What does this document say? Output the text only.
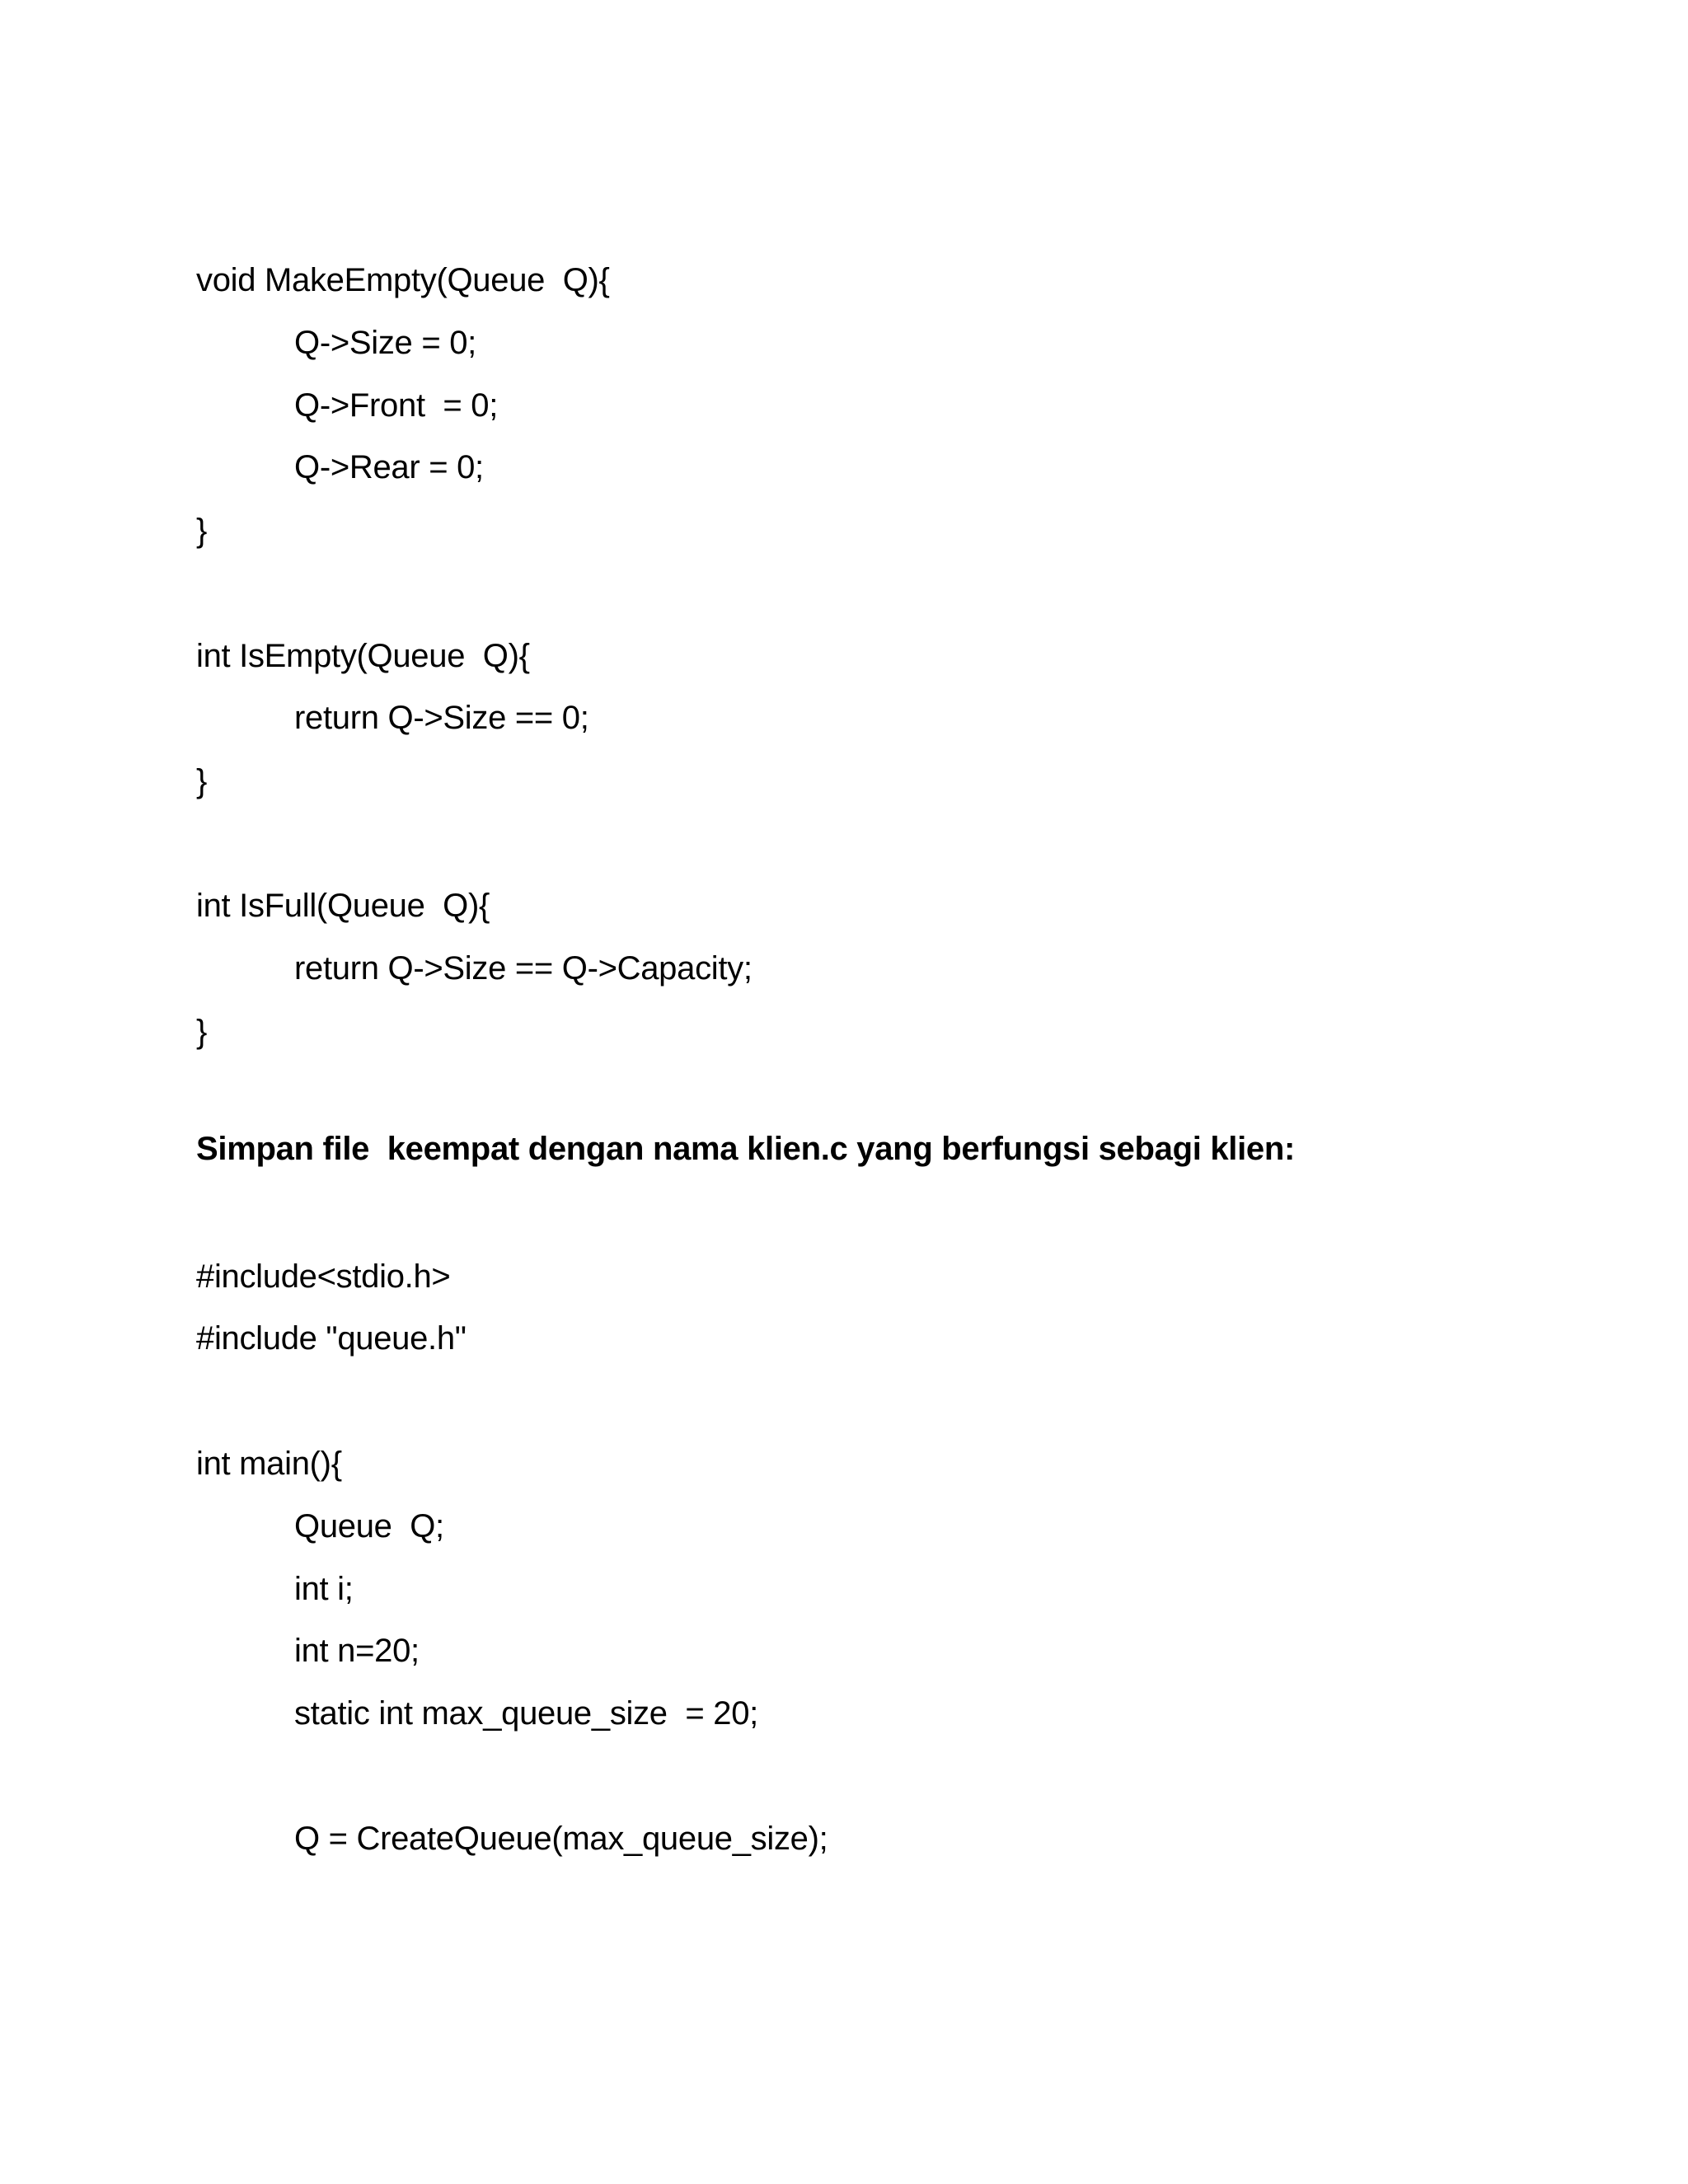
void MakeEmpty(Queue  Q){
Q->Size = 0;
Q->Front  = 0;
Q->Rear = 0;
}
int IsEmpty(Queue  Q){
return Q->Size == 0;
}
int IsFull(Queue  Q){
return Q->Size == Q->Capacity;
}
Simpan file  keempat dengan nama klien.c yang berfungsi sebagi klien:
#include<stdio.h>
#include "queue.h"
int main(){
Queue  Q;
int i;
int n=20;
static int max_queue_size  = 20;
Q = CreateQueue(max_queue_size);
